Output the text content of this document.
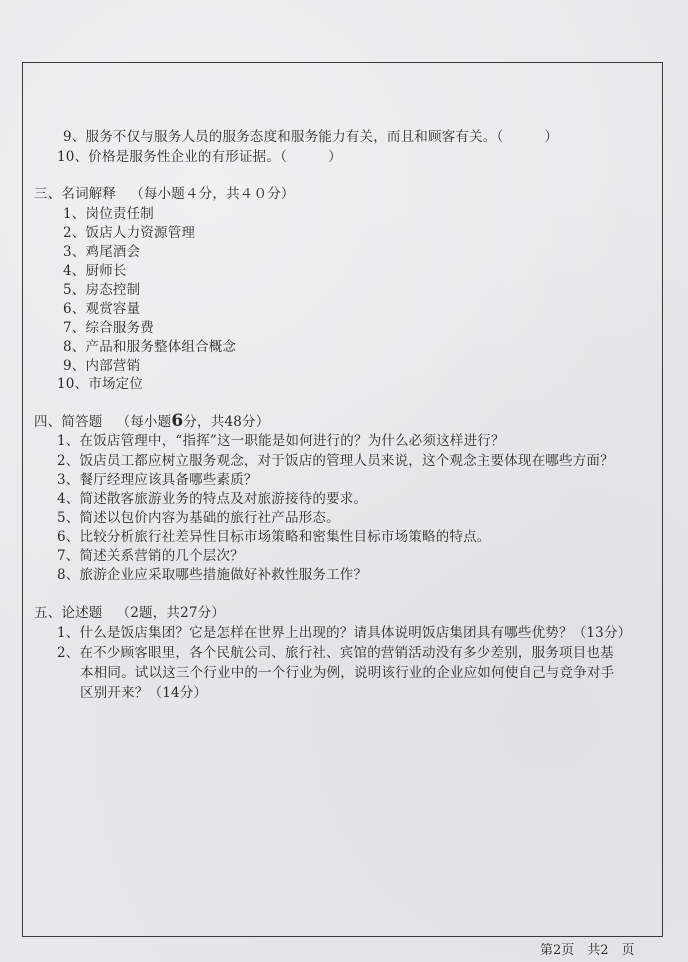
9、服务不仅与服务人员的服务态度和服务能力有关，而且和顾客有关。（　　　）
10、价格是服务性企业的有形证据。（　　　）
三、名词解释 （每小题４分，共４０分）
1、岗位责任制
2、饭店人力资源管理
3、鸡尾酒会
4、厨师长
5、房态控制
6、观赏容量
7、综合服务费
8、产品和服务整体组合概念
9、内部营销
10、市场定位
四、简答题 （每小题6分，共48分）
1、在饭店管理中，“指挥”这一职能是如何进行的？为什么必须这样进行？
2、饭店员工都应树立服务观念，对于饭店的管理人员来说，这个观念主要体现在哪些方面？
3、餐厅经理应该具备哪些素质？
4、简述散客旅游业务的特点及对旅游接待的要求。
5、简述以包价内容为基础的旅行社产品形态。
6、比较分析旅行社差异性目标市场策略和密集性目标市场策略的特点。
7、简述关系营销的几个层次？
8、旅游企业应采取哪些措施做好补救性服务工作？
五、论述题 （2题，共27分）
1、什么是饭店集团？它是怎样在世界上出现的？请具体说明饭店集团具有哪些优势？（13分）
2、在不少顾客眼里，各个民航公司、旅行社、宾馆的营销活动没有多少差别，服务项目也基
本相同。试以这三个行业中的一个行业为例，说明该行业的企业应如何使自己与竞争对手
区别开来？（14分）
第2页　共2　页
